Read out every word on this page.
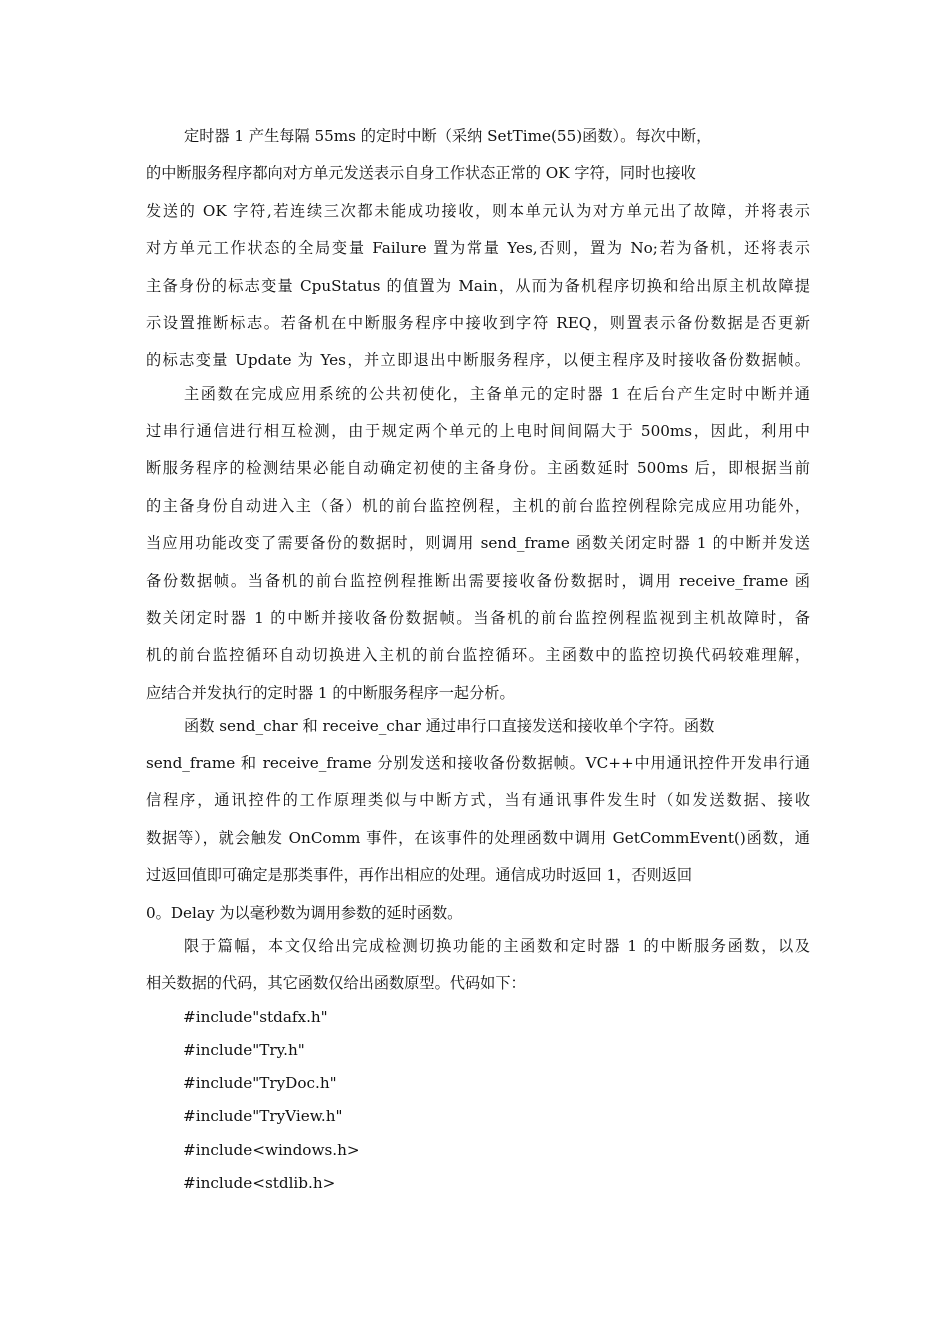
定时器 1 产生每隔 55ms 的定时中断（采纳 SetTime(55)函数）。每次中断，
的中断服务程序都向对方单元发送表示自身工作状态正常的 OK 字符，同时也接收
发送的 OK 字符,若连续三次都未能成功接收，则本单元认为对方单元出了故障，并将表示
对方单元工作状态的全局变量 Failure 置为常量 Yes,否则，置为 No;若为备机，还将表示
主备身份的标志变量 CpuStatus 的值置为 Main，从而为备机程序切换和给出原主机故障提
示设置推断标志。若备机在中断服务程序中接收到字符 REQ，则置表示备份数据是否更新
的标志变量 Update 为 Yes，并立即退出中断服务程序，以便主程序及时接收备份数据帧。
主函数在完成应用系统的公共初使化，主备单元的定时器 1 在后台产生定时中断并通
过串行通信进行相互检测，由于规定两个单元的上电时间间隔大于 500ms，因此，利用中
断服务程序的检测结果必能自动确定初使的主备身份。主函数延时 500ms 后，即根据当前
的主备身份自动进入主（备）机的前台监控例程，主机的前台监控例程除完成应用功能外，
当应用功能改变了需要备份的数据时，则调用 send_frame 函数关闭定时器 1 的中断并发送
备份数据帧。当备机的前台监控例程推断出需要接收备份数据时，调用 receive_frame 函
数关闭定时器 1 的中断并接收备份数据帧。当备机的前台监控例程监视到主机故障时，备
机的前台监控循环自动切换进入主机的前台监控循环。主函数中的监控切换代码较难理解，
应结合并发执行的定时器 1 的中断服务程序一起分析。
函数 send_char 和 receive_char 通过串行口直接发送和接收单个字符。函数
send_frame 和 receive_frame 分别发送和接收备份数据帧。VC++中用通讯控件开发串行通
信程序，通讯控件的工作原理类似与中断方式，当有通讯事件发生时（如发送数据、接收
数据等），就会触发 OnComm 事件，在该事件的处理函数中调用 GetCommEvent()函数，通
过返回值即可确定是那类事件，再作出相应的处理。通信成功时返回 1，否则返回
0。Delay 为以毫秒数为调用参数的延时函数。
限于篇幅，本文仅给出完成检测切换功能的主函数和定时器 1 的中断服务函数，以及
相关数据的代码，其它函数仅给出函数原型。代码如下：
#include"stdafx.h"
#include"Try.h"
#include"TryDoc.h"
#include"TryView.h"
#include<windows.h>
#include<stdlib.h>
